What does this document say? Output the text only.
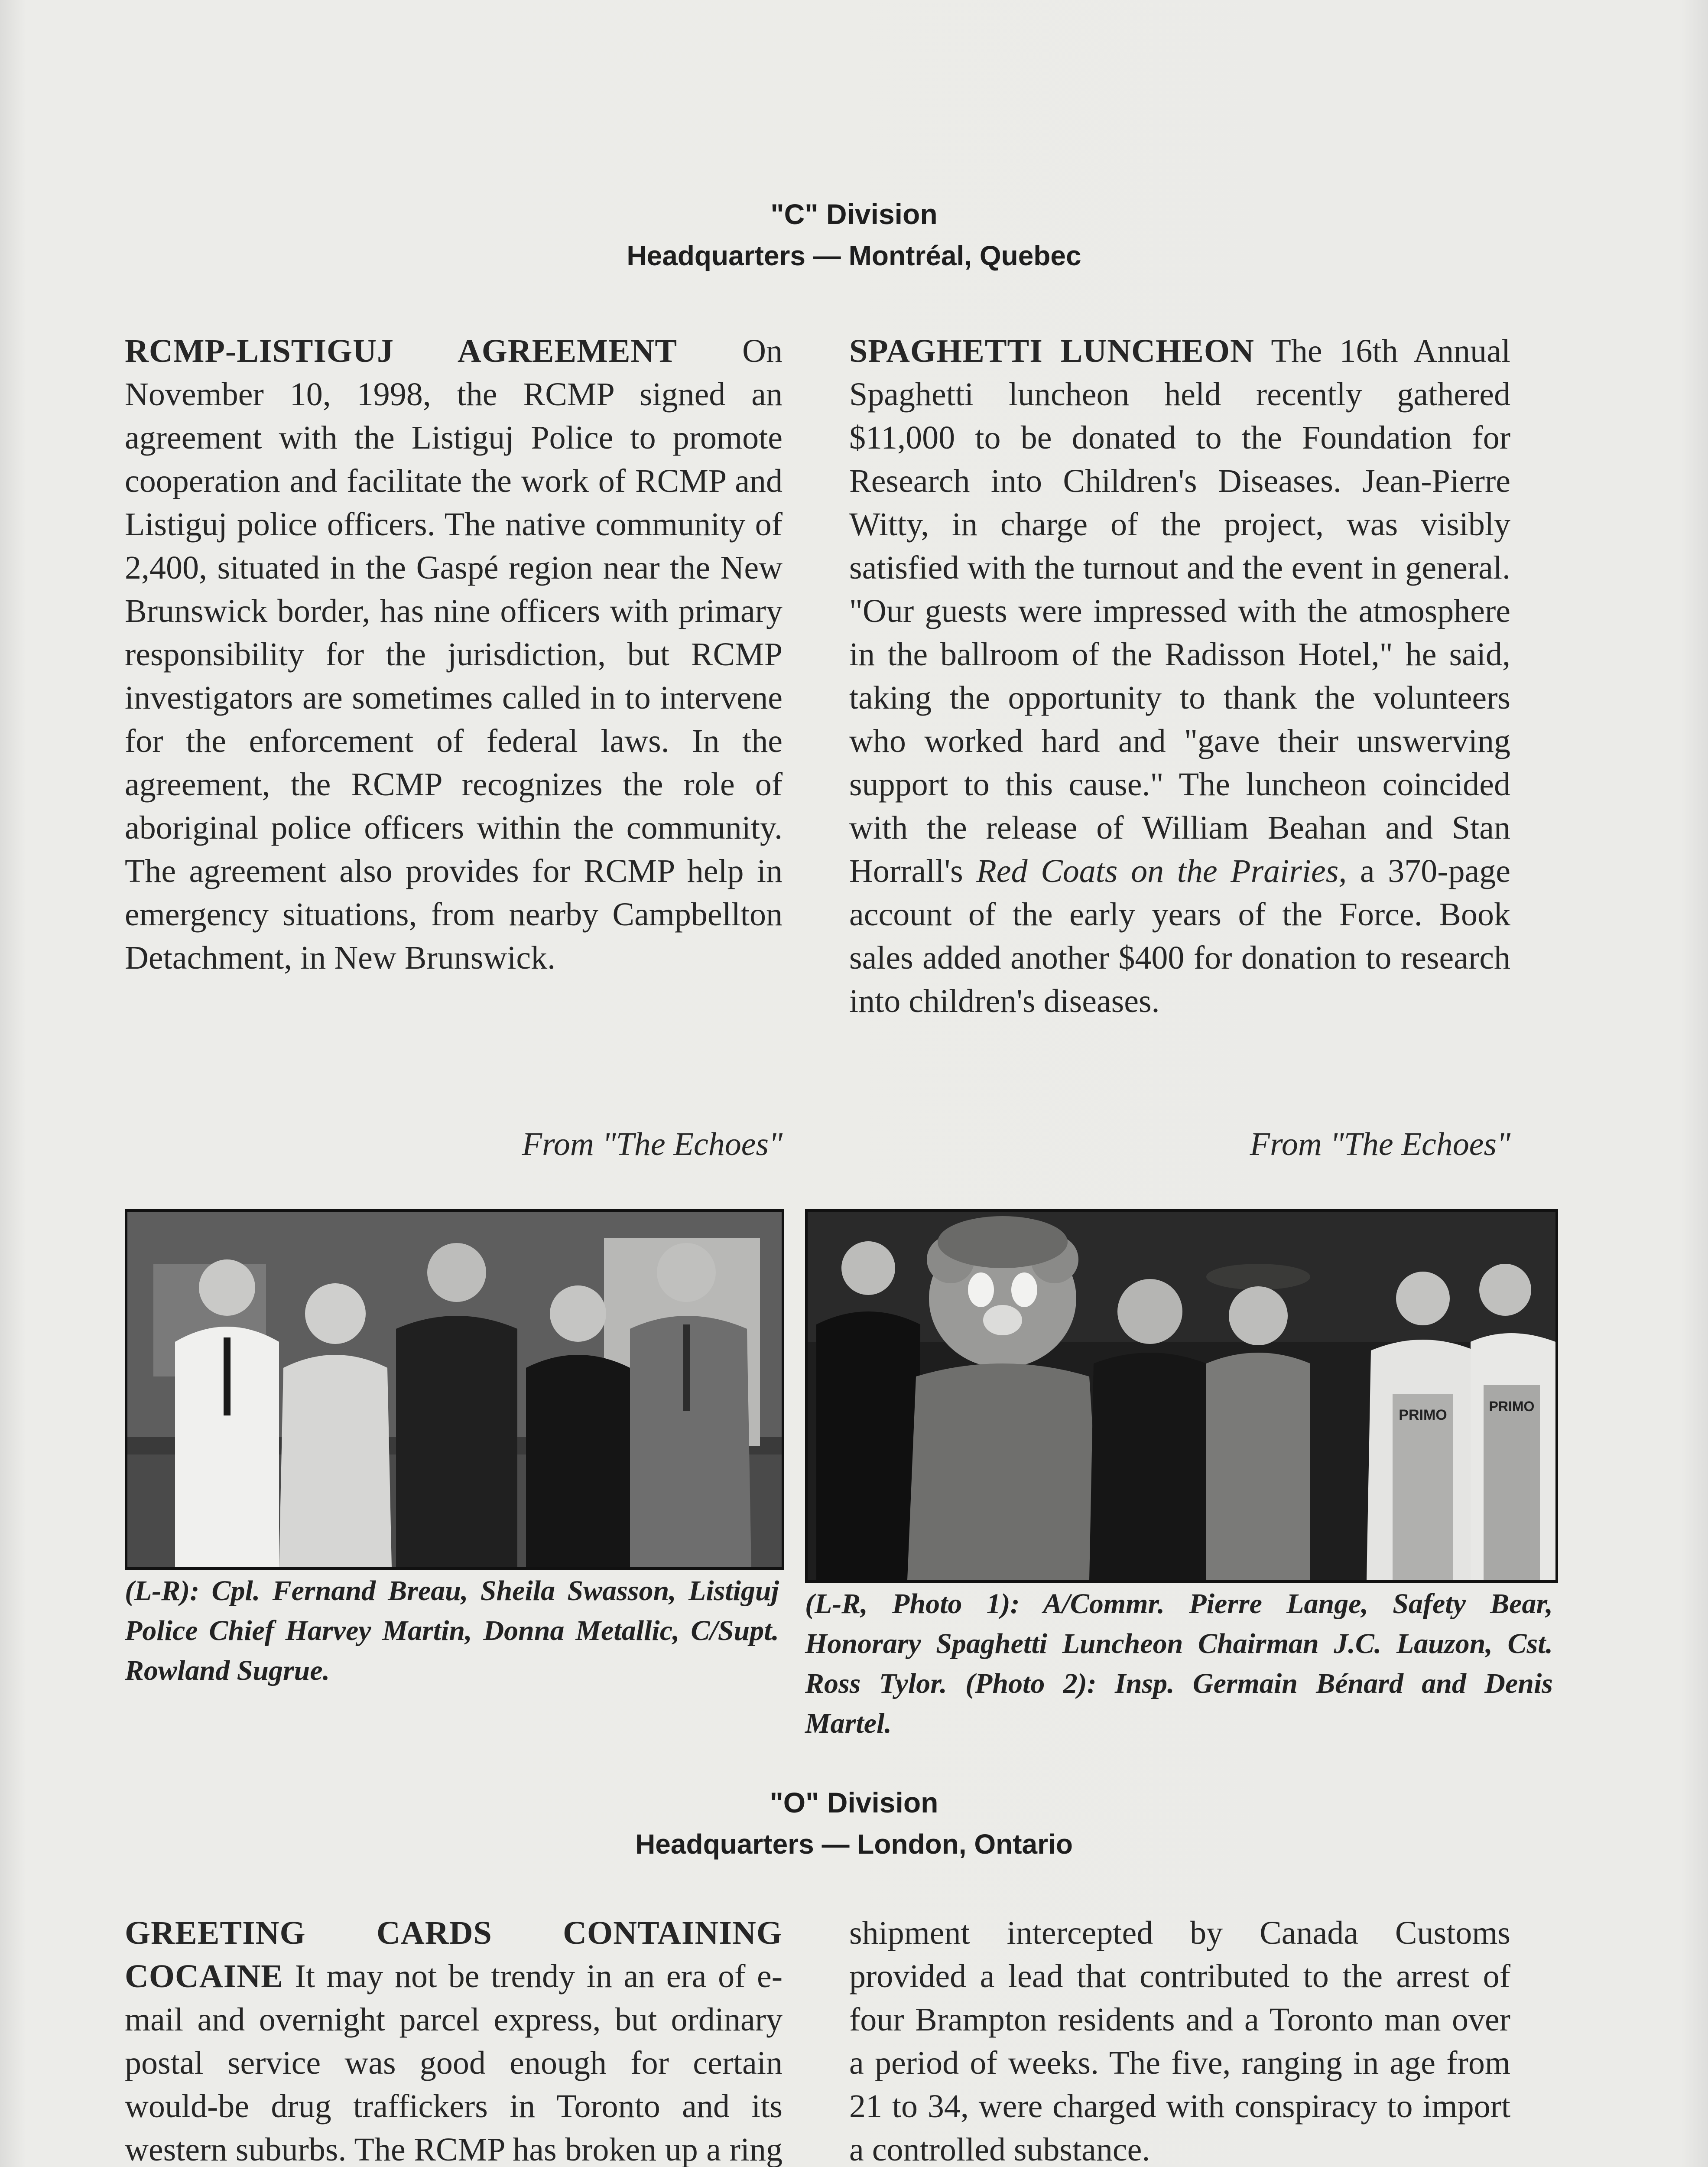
"C" Division
Headquarters — Montréal, Quebec

RCMP-LISTIGUJ AGREEMENT On November 10, 1998, the RCMP signed an agreement with the Listiguj Police to promote cooperation and facilitate the work of RCMP and Listiguj police officers. The native community of 2,400, situated in the Gaspé region near the New Brunswick border, has nine officers with primary responsibility for the jurisdiction, but RCMP investigators are sometimes called in to intervene for the enforcement of federal laws. In the agreement, the RCMP recognizes the role of aboriginal police officers within the community. The agreement also provides for RCMP help in emergency situations, from nearby Campbellton Detachment, in New Brunswick.

From "The Echoes"

SPAGHETTI LUNCHEON The 16th Annual Spaghetti luncheon held recently gathered $11,000 to be donated to the Foundation for Research into Children's Diseases. Jean-Pierre Witty, in charge of the project, was visibly satisfied with the turnout and the event in general. "Our guests were impressed with the atmosphere in the ballroom of the Radisson Hotel," he said, taking the opportunity to thank the volunteers who worked hard and "gave their unswerving support to this cause." The luncheon coincided with the release of William Beahan and Stan Horrall's Red Coats on the Prairies, a 370-page account of the early years of the Force. Book sales added another $400 for donation to research into children's diseases.

From "The Echoes"
PRIMO
PRIMO
(L-R): Cpl. Fernand Breau, Sheila Swasson, Listiguj Police Chief Harvey Martin, Donna Metallic, C/Supt. Rowland Sugrue.
(L-R, Photo 1): A/Commr. Pierre Lange, Safety Bear, Honorary Spaghetti Luncheon Chairman J.C. Lauzon, Cst. Ross Tylor. (Photo 2): Insp. Germain Bénard and Denis Martel.
"O" Division
Headquarters — London, Ontario

GREETING CARDS CONTAINING COCAINE It may not be trendy in an era of e-mail and overnight parcel express, but ordinary postal service was good enough for certain would-be drug traffickers in Toronto and its western suburbs. The RCMP has broken up a ring

shipment intercepted by Canada Customs provided a lead that contributed to the arrest of four Brampton residents and a Toronto man over a period of weeks. The five, ranging in age from 21 to 34, were charged with conspiracy to import a controlled substance.
